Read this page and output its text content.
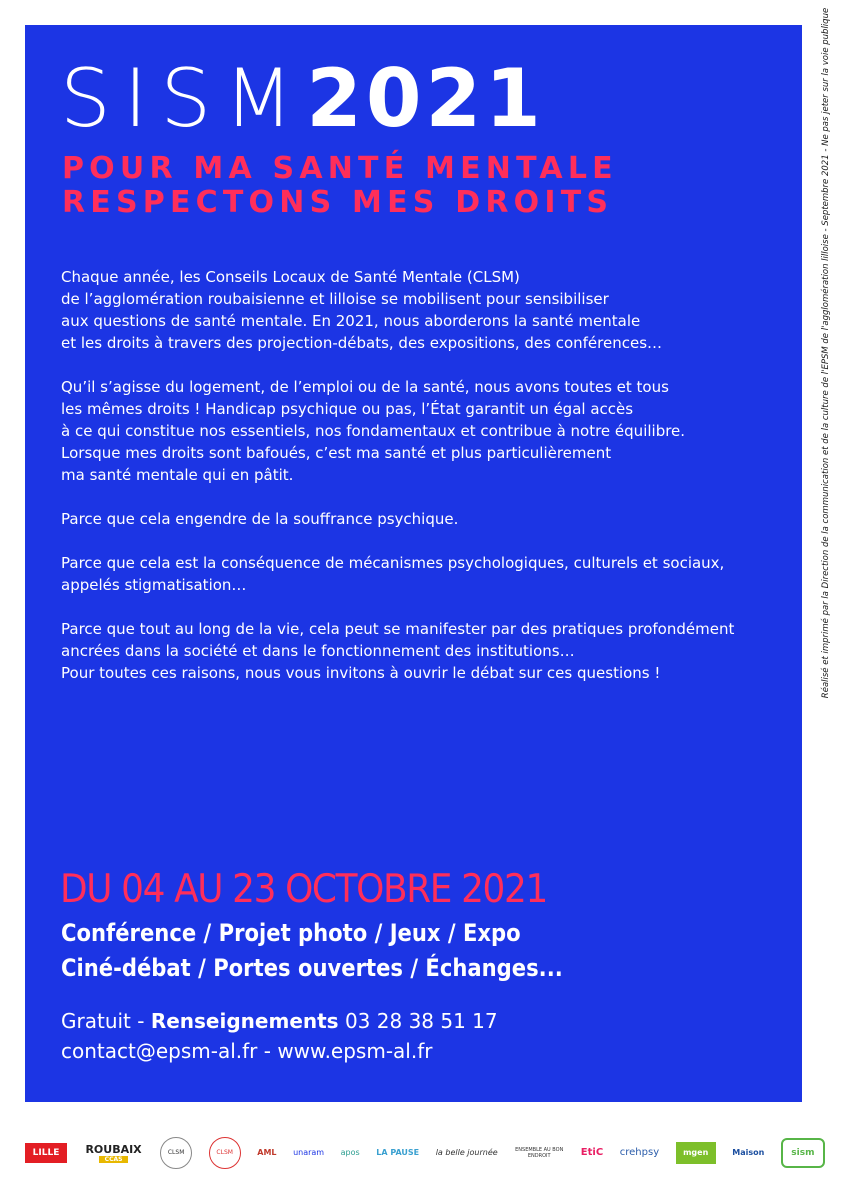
Réalisé et imprimé par la Direction de la communication et de la culture de l'EPSM de l'agglomération lilloise - Septembre 2021 - Ne pas jeter sur la voie publique
SISM2021
POUR MA SANTÉ MENTALE
RESPECTONS MES DROITS

Chaque année, les Conseils Locaux de Santé Mentale (CLSM)
de l’agglomération roubaisienne et lilloise se mobilisent pour sensibiliser
aux questions de santé mentale. En 2021, nous aborderons la santé mentale
et les droits à travers des projection-débats, des expositions, des conférences…

Qu’il s’agisse du logement, de l’emploi ou de la santé, nous avons toutes et tous
les mêmes droits ! Handicap psychique ou pas, l’État garantit un égal accès
à ce qui constitue nos essentiels, nos fondamentaux et contribue à notre équilibre.
Lorsque mes droits sont bafoués, c’est ma santé et plus particulièrement
ma santé mentale qui en pâtit.

Parce que cela engendre de la souffrance psychique.

Parce que cela est la conséquence de mécanismes psychologiques, culturels et sociaux,
appelés stigmatisation…

Parce que tout au long de la vie, cela peut se manifester par des pratiques profondément
ancrées dans la société et dans le fonctionnement des institutions…
Pour toutes ces raisons, nous vous invitons à ouvrir le débat sur ces questions !

DU 04 AU 23 OCTOBRE 2021
Conférence / Projet photo / Jeux / Expo
Ciné-débat / Portes ouvertes / Échanges...
Gratuit - Renseignements 03 28 38 51 17
contact@epsm-al.fr - www.epsm-al.fr
LILLE	ROUBAIX
CCAS
CLSM	CLSM	AML unaram apos LA PAUSE la belle journée	ENSEMBLE AU BON ENDROIT	EtiC crehpsy	mgen	Maison	sism
